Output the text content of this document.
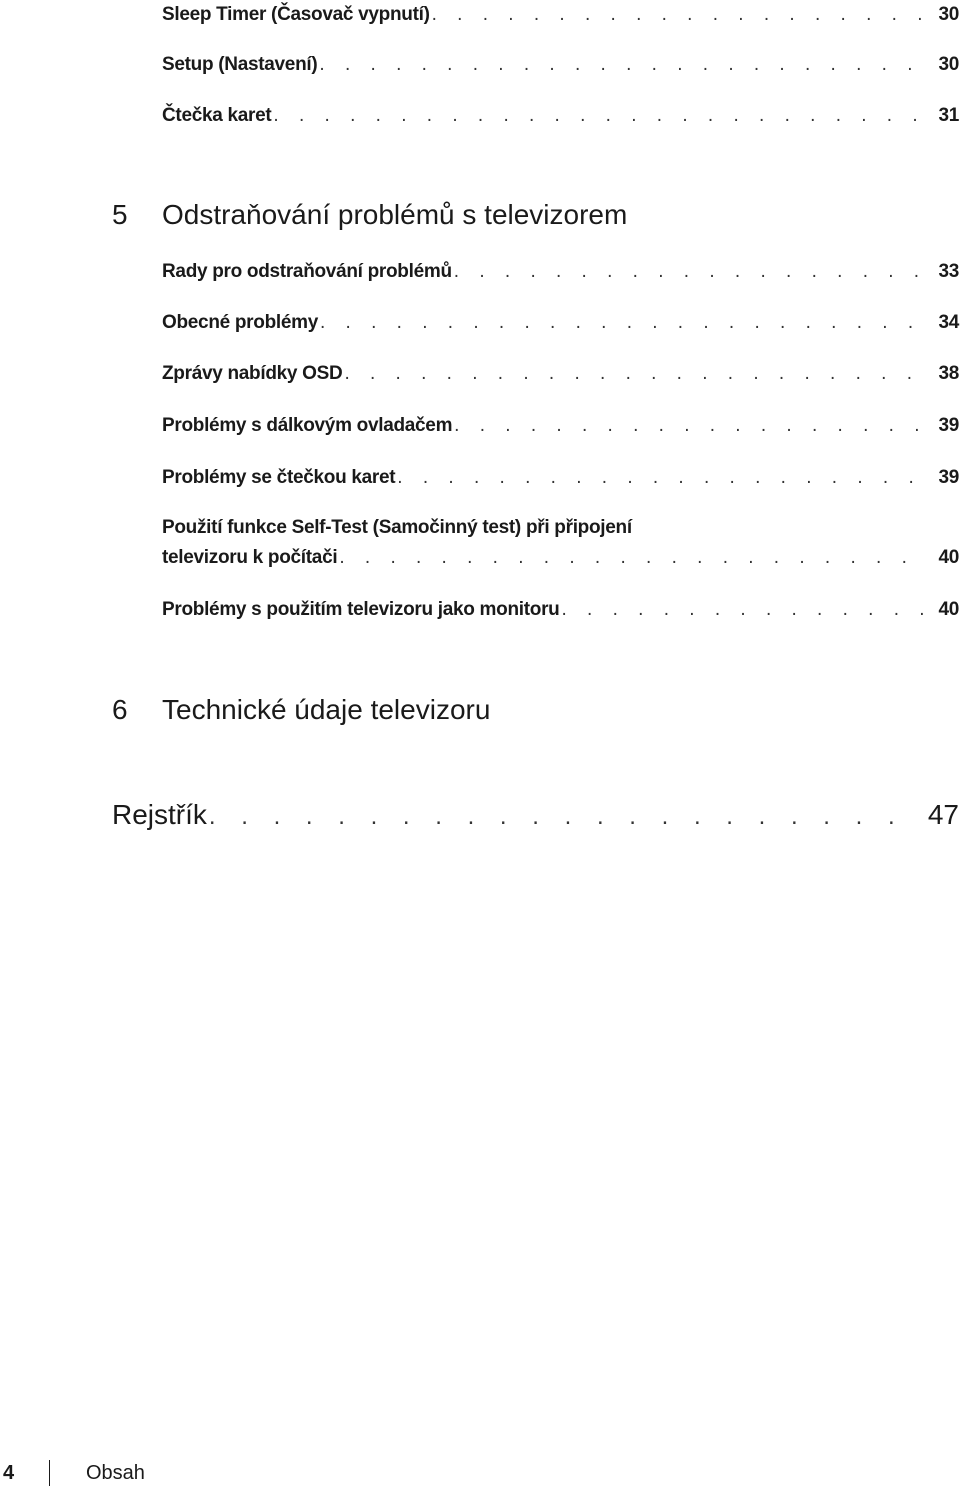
Sleep Timer (Časovač vypnutí) . . .	30
Setup (Nastavení) . . .	30
Čtečka karet . . .	31
5 Odstraňování problémů s televizorem
Rady pro odstraňování problémů . . .	33
Obecné problémy . . .	34
Zprávy nabídky OSD . . .	38
Problémy s dálkovým ovladačem . . .	39
Problémy se čtečkou karet . . .	39
Použití funkce Self-Test (Samočinný test) při připojení
televizoru k počítači . . .	40
Problémy s použitím televizoru jako monitoru . . .	40
6 Technické údaje televizoru
Rejstřík . . .	47
4	Obsah
